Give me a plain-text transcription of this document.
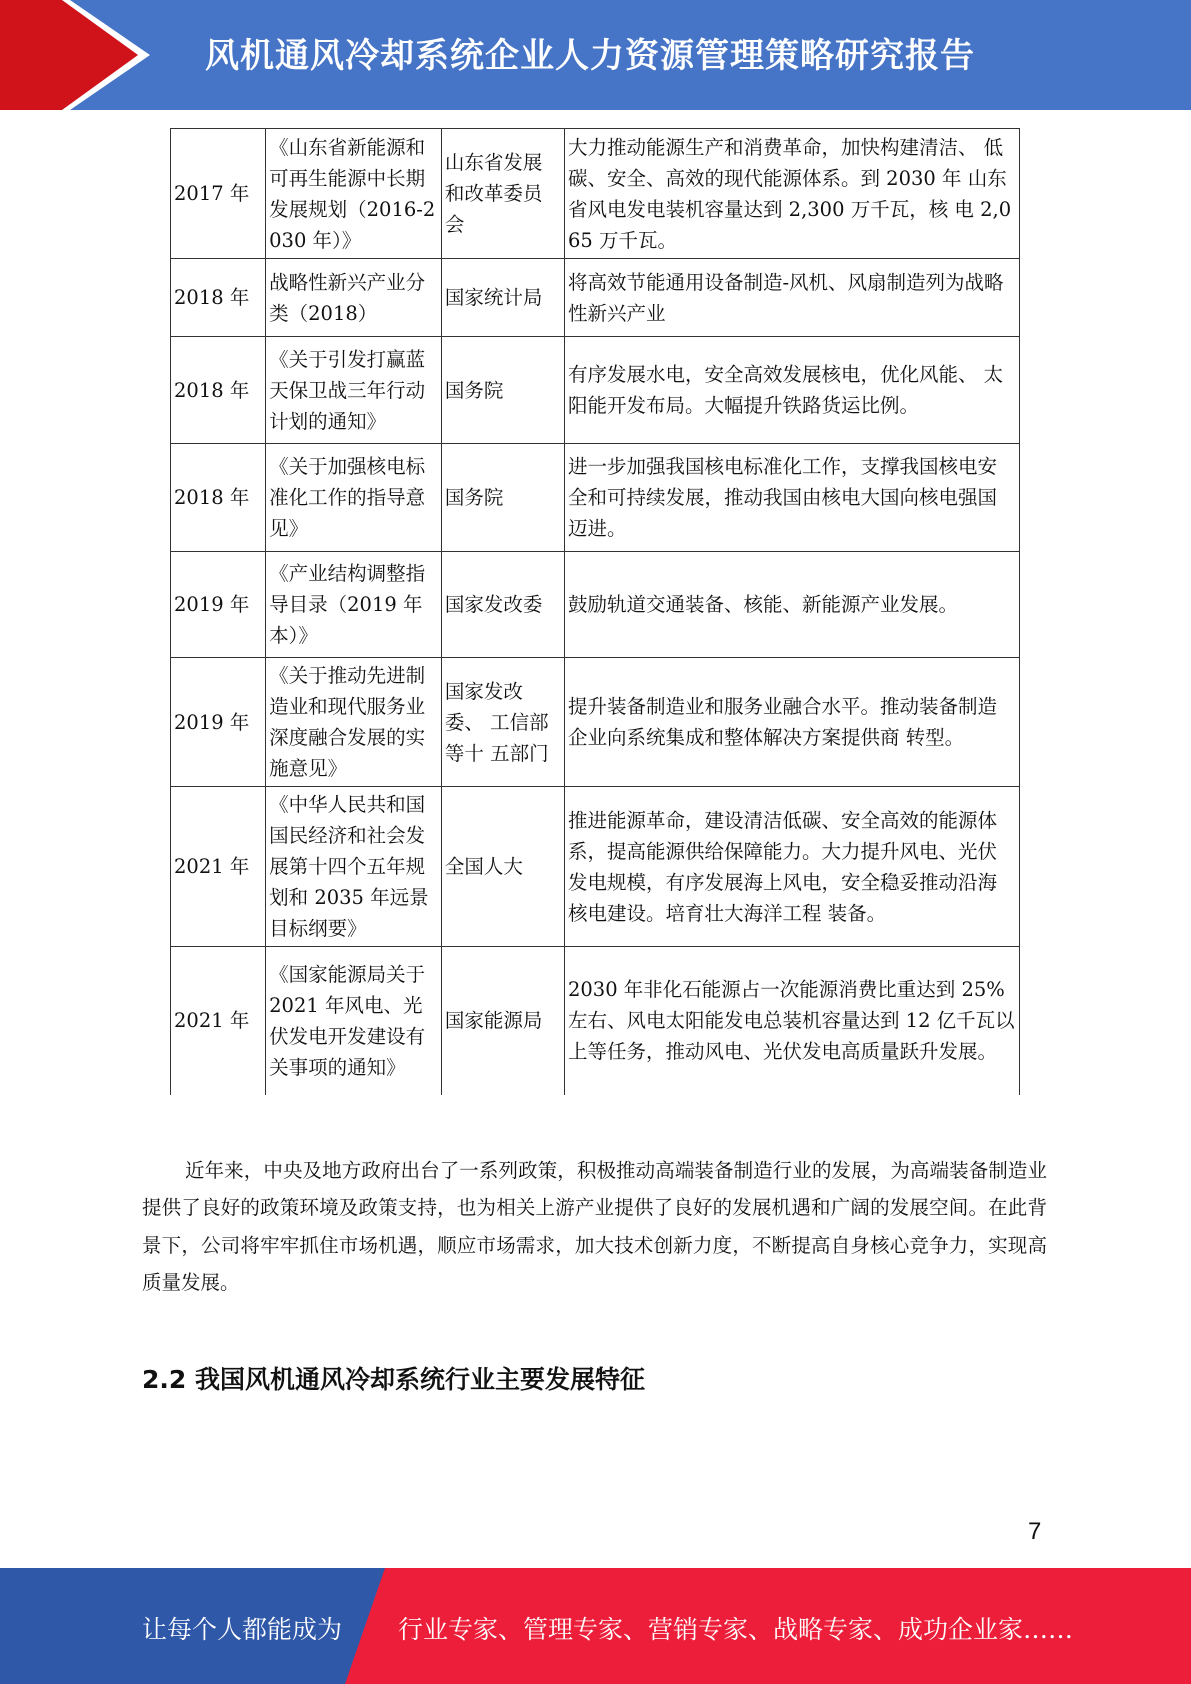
风机通风冷却系统企业人力资源管理策略研究报告
2017 年	《山东省新能源和可再生能源中长期发展规划（2016-2030 年）》	山东省发展和改革委员会	大力推动能源生产和消费革命，加快构建清洁、 低碳、安全、高效的现代能源体系。到 2030 年 山东省风电发电装机容量达到 2,300 万千瓦，核 电 2,065 万千瓦。
2018 年	战略性新兴产业分类（2018）	国家统计局	将高效节能通用设备制造-风机、风扇制造列为战略性新兴产业
2018 年	《关于引发打赢蓝天保卫战三年行动计划的通知》	国务院	有序发展水电，安全高效发展核电，优化风能、 太阳能开发布局。大幅提升铁路货运比例。
2018 年	《关于加强核电标准化工作的指导意见》	国务院	进一步加强我国核电标准化工作，支撑我国核电安全和可持续发展，推动我国由核电大国向核电强国迈进。
2019 年	《产业结构调整指导目录（2019 年本）》	国家发改委	鼓励轨道交通装备、核能、新能源产业发展。
2019 年	《关于推动先进制造业和现代服务业深度融合发展的实施意见》	国家发改委、 工信部等十 五部门	提升装备制造业和服务业融合水平。推动装备制造企业向系统集成和整体解决方案提供商 转型。
2021 年	《中华人民共和国国民经济和社会发展第十四个五年规划和 2035 年远景目标纲要》	全国人大	推进能源革命，建设清洁低碳、安全高效的能源体系，提高能源供给保障能力。大力提升风电、光伏发电规模，有序发展海上风电，安全稳妥推动沿海核电建设。培育壮大海洋工程 装备。
2021 年	《国家能源局关于 2021 年风电、光伏发电开发建设有关事项的通知》	国家能源局	2030 年非化石能源占一次能源消费比重达到 25%左右、风电太阳能发电总装机容量达到 12 亿千瓦以上等任务，推动风电、光伏发电高质量跃升发展。

近年来，中央及地方政府出台了一系列政策，积极推动高端装备制造行业的发展，为高端装备制造业提供了良好的政策环境及政策支持，也为相关上游产业提供了良好的发展机遇和广阔的发展空间。在此背景下，公司将牢牢抓住市场机遇，顺应市场需求，加大技术创新力度，不断提高自身核心竞争力，实现高质量发展。

2.2 我国风机通风冷却系统行业主要发展特征
7
让每个人都能成为 行业专家、管理专家、营销专家、战略专家、成功企业家……
